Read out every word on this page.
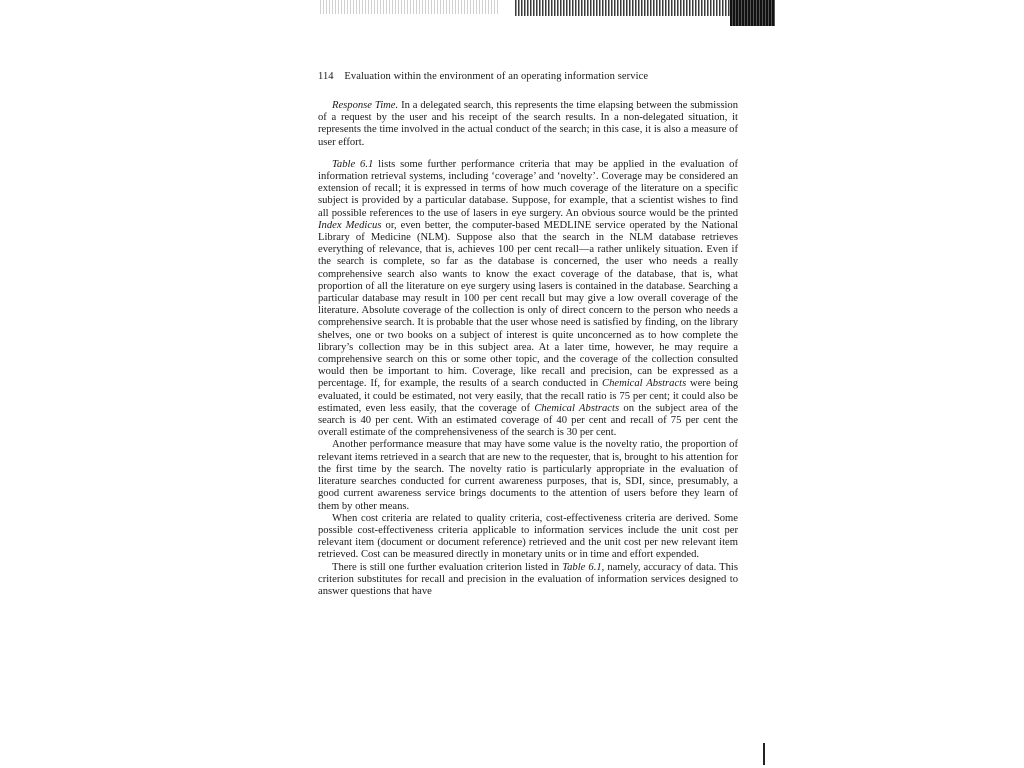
114 Evaluation within the environment of an operating information service

Response Time. In a delegated search, this represents the time elapsing between the submission of a request by the user and his receipt of the search results. In a non-delegated situation, it represents the time involved in the actual conduct of the search; in this case, it is also a measure of user effort.

Table 6.1 lists some further performance criteria that may be applied in the evaluation of information retrieval systems, including ‘coverage’ and ‘novelty’. Coverage may be considered an extension of recall; it is expressed in terms of how much coverage of the literature on a specific subject is provided by a particular database. Suppose, for example, that a scientist wishes to find all possible references to the use of lasers in eye surgery. An obvious source would be the printed Index Medicus or, even better, the computer-based MEDLINE service operated by the National Library of Medicine (NLM). Suppose also that the search in the NLM database retrieves everything of relevance, that is, achieves 100 per cent recall—a rather unlikely situation. Even if the search is complete, so far as the database is concerned, the user who needs a really comprehensive search also wants to know the exact coverage of the database, that is, what proportion of all the literature on eye surgery using lasers is contained in the database. Searching a particular database may result in 100 per cent recall but may give a low overall coverage of the literature. Absolute coverage of the collection is only of direct concern to the person who needs a comprehensive search. It is probable that the user whose need is satisfied by finding, on the library shelves, one or two books on a subject of interest is quite unconcerned as to how complete the library’s collection may be in this subject area. At a later time, however, he may require a comprehensive search on this or some other topic, and the coverage of the collection consulted would then be important to him. Coverage, like recall and precision, can be expressed as a percentage. If, for example, the results of a search conducted in Chemical Abstracts were being evaluated, it could be estimated, not very easily, that the recall ratio is 75 per cent; it could also be estimated, even less easily, that the coverage of Chemical Abstracts on the subject area of the search is 40 per cent. With an estimated coverage of 40 per cent and recall of 75 per cent the overall estimate of the comprehensiveness of the search is 30 per cent.

Another performance measure that may have some value is the novelty ratio, the proportion of relevant items retrieved in a search that are new to the requester, that is, brought to his attention for the first time by the search. The novelty ratio is particularly appropriate in the evaluation of literature searches conducted for current awareness purposes, that is, SDI, since, presumably, a good current awareness service brings documents to the attention of users before they learn of them by other means.

When cost criteria are related to quality criteria, cost-effectiveness criteria are derived. Some possible cost-effectiveness criteria applicable to information services include the unit cost per relevant item (document or document reference) retrieved and the unit cost per new relevant item retrieved. Cost can be measured directly in monetary units or in time and effort expended.

There is still one further evaluation criterion listed in Table 6.1, namely, accuracy of data. This criterion substitutes for recall and precision in the evaluation of information services designed to answer questions that have
